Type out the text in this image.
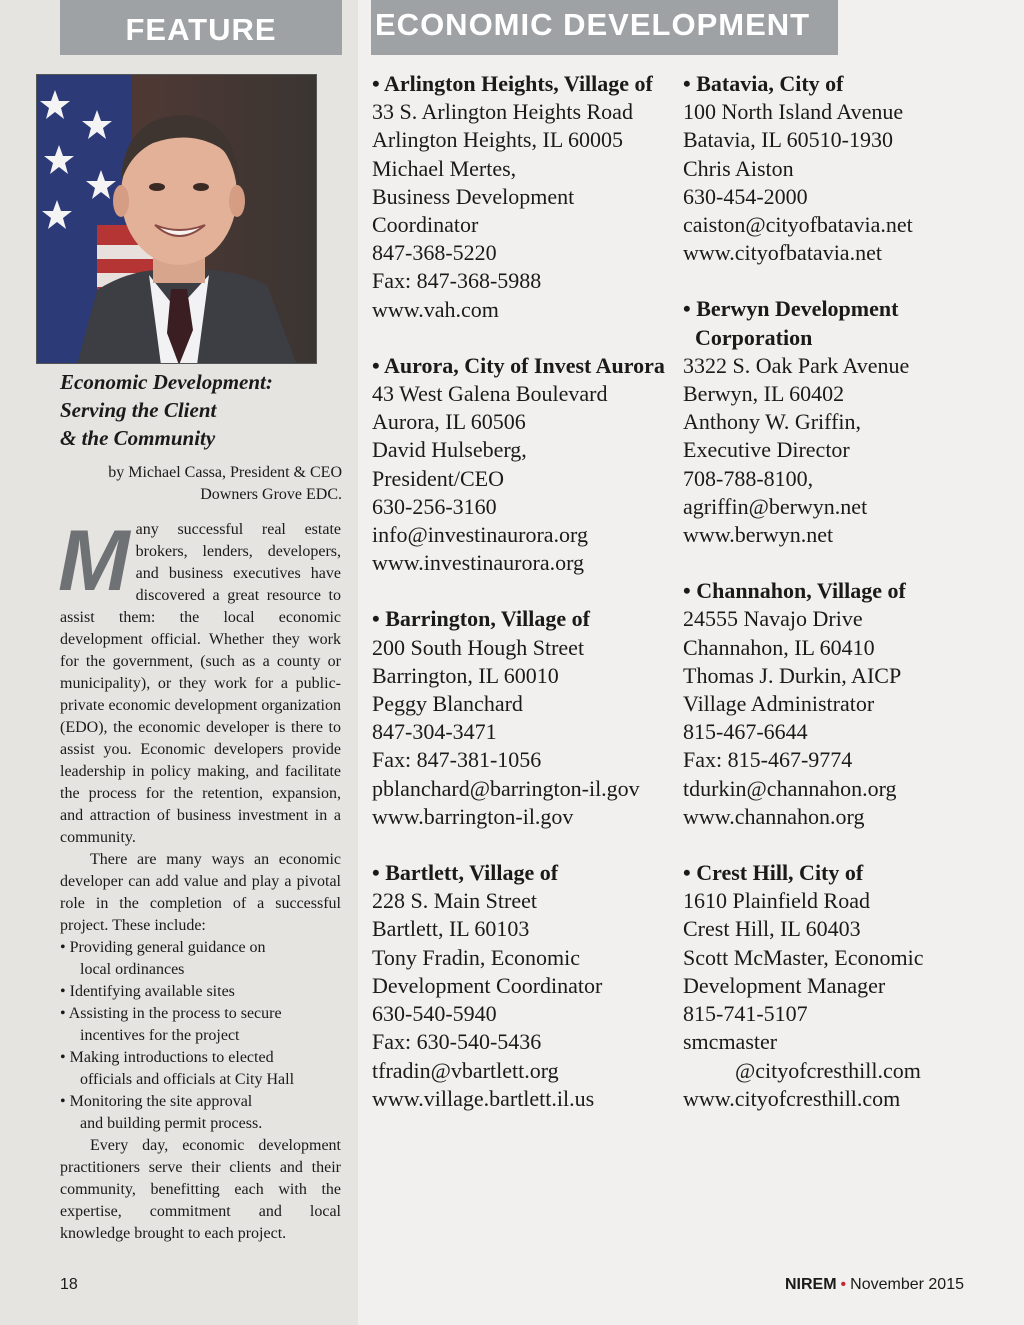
FEATURE	ECONOMIC DEVELOPMENT
Economic Development:
Serving the Client
& the Community
by Michael Cassa, President & CEO
Downers Grove EDC.
M any successful real estate brokers, lenders, developers, and business executives have discovered a great resource to assist them: the local economic development official. Whether they work for the government, (such as a county or municipality), or they work for a public-private economic development organization (EDO), the economic developer is there to assist you. Economic developers provide leadership in policy making, and facilitate the process for the retention, expansion, and attraction of business investment in a community.

There are many ways an economic developer can add value and play a pivotal role in the completion of a successful project. These include:

• Providing general guidance on
local ordinances
• Identifying available sites
• Assisting in the process to secure
incentives for the project
• Making introductions to elected
officials and officials at City Hall
• Monitoring the site approval
and building permit process.

Every day, economic development practitioners serve their clients and their community, benefitting each with the expertise, commitment and local knowledge brought to each project.

• Arlington Heights, Village of
33 S. Arlington Heights Road
Arlington Heights, IL 60005
Michael Mertes,
Business Development
Coordinator
847-368-5220
Fax: 847-368-5988
www.vah.com
• Aurora, City of Invest Aurora
43 West Galena Boulevard
Aurora, IL 60506
David Hulseberg,
President/CEO
630-256-3160
info@investinaurora.org
www.investinaurora.org
• Barrington, Village of
200 South Hough Street
Barrington, IL 60010
Peggy Blanchard
847-304-3471
Fax: 847-381-1056
pblanchard@barrington-il.gov
www.barrington-il.gov
• Bartlett, Village of
228 S. Main Street
Bartlett, IL 60103
Tony Fradin, Economic
Development Coordinator
630-540-5940
Fax: 630-540-5436
tfradin@vbartlett.org
www.village.bartlett.il.us
• Batavia, City of
100 North Island Avenue
Batavia, IL 60510-1930
Chris Aiston
630-454-2000
caiston@cityofbatavia.net
www.cityofbatavia.net
• Berwyn Development Corporation
3322 S. Oak Park Avenue
Berwyn, IL 60402
Anthony W. Griffin,
Executive Director
708-788-8100,
agriffin@berwyn.net
www.berwyn.net
• Channahon, Village of
24555 Navajo Drive
Channahon, IL 60410
Thomas J. Durkin, AICP
Village Administrator
815-467-6644
Fax: 815-467-9774
tdurkin@channahon.org
www.channahon.org
• Crest Hill, City of
1610 Plainfield Road
Crest Hill, IL 60403
Scott McMaster, Economic
Development Manager
815-741-5107
smcmaster
@cityofcresthill.com
www.cityofcresthill.com
18	NIREM • November 2015
